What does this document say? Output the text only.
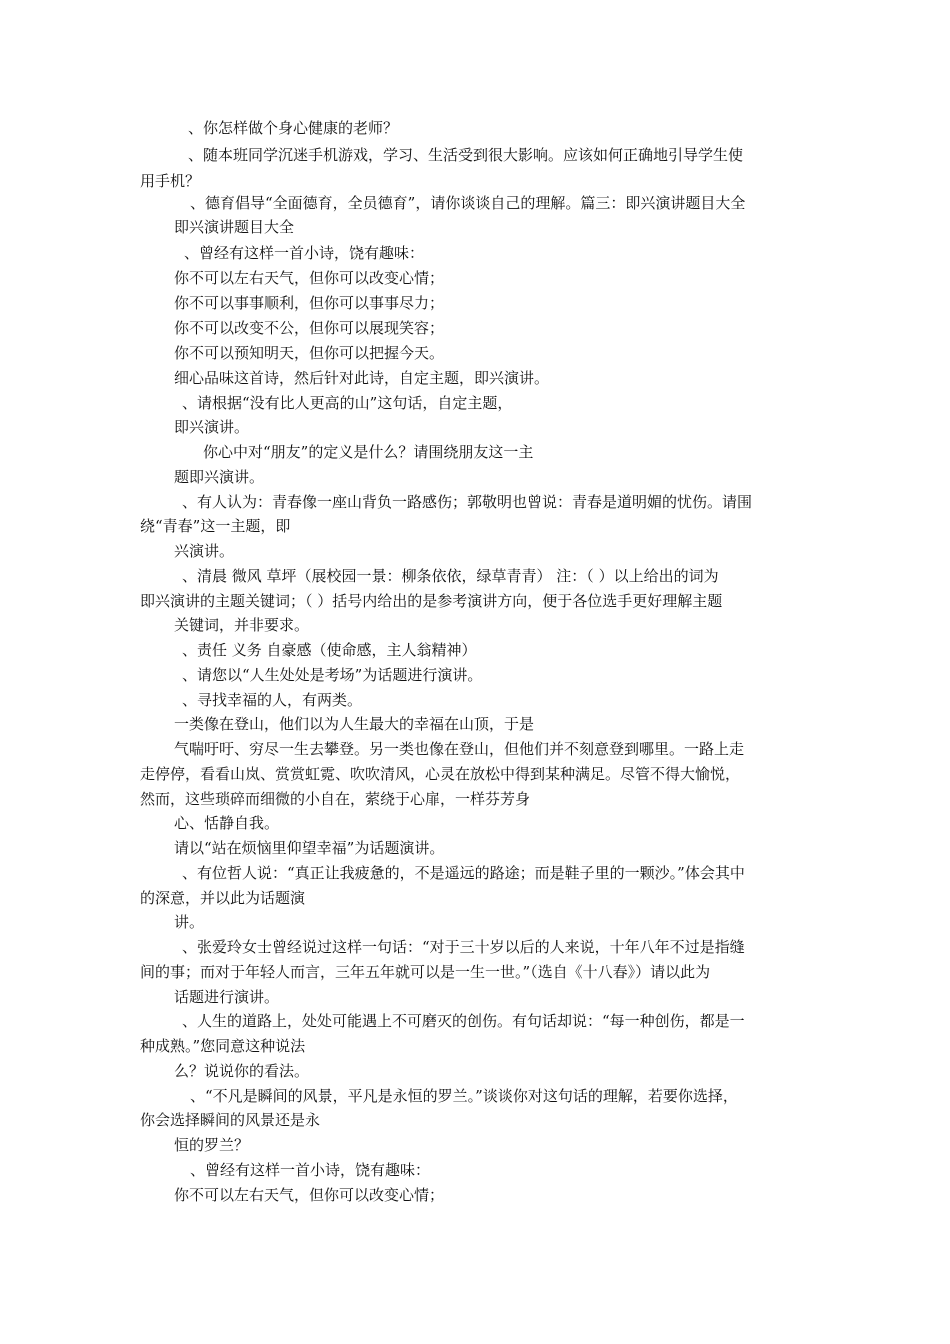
、你怎样做个身心健康的老师？
、随本班同学沉迷手机游戏，学习、生活受到很大影响。应该如何正确地引导学生使
用手机？
、德育倡导“全面德育，全员德育”，请你谈谈自己的理解。篇三：即兴演讲题目大全
即兴演讲题目大全
、曾经有这样一首小诗，饶有趣味：
你不可以左右天气，但你可以改变心情；
你不可以事事顺利，但你可以事事尽力；
你不可以改变不公，但你可以展现笑容；
你不可以预知明天，但你可以把握今天。
细心品味这首诗，然后针对此诗，自定主题，即兴演讲。
、请根据“没有比人更高的山”这句话，自定主题，
即兴演讲。
你心中对“朋友”的定义是什么？请围绕朋友这一主
题即兴演讲。
、有人认为：青春像一座山背负一路感伤；郭敬明也曾说：青春是道明媚的忧伤。请围
绕“青春”这一主题，即
兴演讲。
、清晨 微风 草坪（展校园一景：柳条依依，绿草青青） 注：（ ）以上给出的词为
即兴演讲的主题关键词；（ ）括号内给出的是参考演讲方向，便于各位选手更好理解主题
关键词，并非要求。
、责任 义务 自豪感（使命感，主人翁精神）
、请您以“人生处处是考场”为话题进行演讲。
、寻找幸福的人，有两类。
一类像在登山，他们以为人生最大的幸福在山顶，于是
气喘吁吁、穷尽一生去攀登。另一类也像在登山，但他们并不刻意登到哪里。一路上走
走停停，看看山岚、赏赏虹霓、吹吹清风，心灵在放松中得到某种满足。尽管不得大愉悦，
然而，这些琐碎而细微的小自在，萦绕于心扉，一样芬芳身
心、恬静自我。
请以“站在烦恼里仰望幸福”为话题演讲。
、有位哲人说：“真正让我疲惫的，不是遥远的路途；而是鞋子里的一颗沙。”体会其中
的深意，并以此为话题演
讲。
、张爱玲女士曾经说过这样一句话：“对于三十岁以后的人来说，十年八年不过是指缝
间的事；而对于年轻人而言，三年五年就可以是一生一世。”（选自《十八春》）请以此为
话题进行演讲。
、人生的道路上，处处可能遇上不可磨灭的创伤。有句话却说：“每一种创伤，都是一
种成熟。”您同意这种说法
么？说说你的看法。
、“不凡是瞬间的风景，平凡是永恒的罗兰。”谈谈你对这句话的理解，若要你选择，
你会选择瞬间的风景还是永
恒的罗兰？
、曾经有这样一首小诗，饶有趣味：
你不可以左右天气，但你可以改变心情；
